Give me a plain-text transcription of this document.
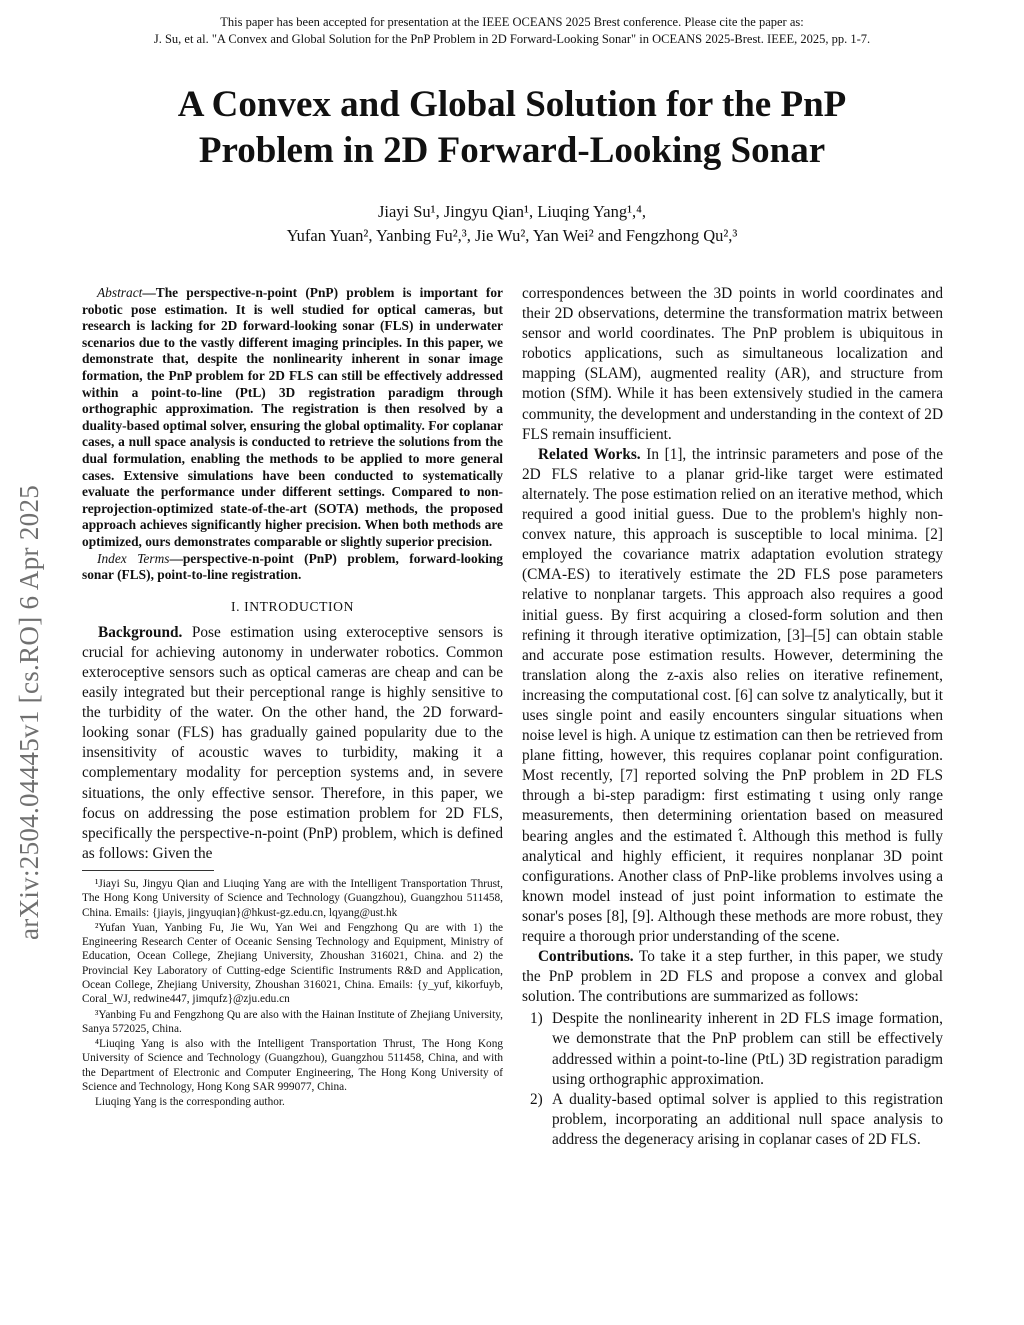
This paper has been accepted for presentation at the IEEE OCEANS 2025 Brest conference. Please cite the paper as:
J. Su, et al. "A Convex and Global Solution for the PnP Problem in 2D Forward-Looking Sonar" in OCEANS 2025-Brest. IEEE, 2025, pp. 1-7.
A Convex and Global Solution for the PnP
Problem in 2D Forward-Looking Sonar
Jiayi Su¹, Jingyu Qian¹, Liuqing Yang¹,⁴,
Yufan Yuan², Yanbing Fu²,³, Jie Wu², Yan Wei² and Fengzhong Qu²,³
arXiv:2504.04445v1 [cs.RO] 6 Apr 2025

Abstract—The perspective-n-point (PnP) problem is important for robotic pose estimation. It is well studied for optical cameras, but research is lacking for 2D forward-looking sonar (FLS) in underwater scenarios due to the vastly different imaging principles. In this paper, we demonstrate that, despite the nonlinearity inherent in sonar image formation, the PnP problem for 2D FLS can still be effectively addressed within a point-to-line (PtL) 3D registration paradigm through orthographic approximation. The registration is then resolved by a duality-based optimal solver, ensuring the global optimality. For coplanar cases, a null space analysis is conducted to retrieve the solutions from the dual formulation, enabling the methods to be applied to more general cases. Extensive simulations have been conducted to systematically evaluate the performance under different settings. Compared to non-reprojection-optimized state-of-the-art (SOTA) methods, the proposed approach achieves significantly higher precision. When both methods are optimized, ours demonstrates comparable or slightly superior precision.

Index Terms—perspective-n-point (PnP) problem, forward-looking sonar (FLS), point-to-line registration.

I. INTRODUCTION

Background. Pose estimation using exteroceptive sensors is crucial for achieving autonomy in underwater robotics. Common exteroceptive sensors such as optical cameras are cheap and can be easily integrated but their perceptional range is highly sensitive to the turbidity of the water. On the other hand, the 2D forward-looking sonar (FLS) has gradually gained popularity due to the insensitivity of acoustic waves to turbidity, making it a complementary modality for perception systems and, in severe situations, the only effective sensor. Therefore, in this paper, we focus on addressing the pose estimation problem for 2D FLS, specifically the perspective-n-point (PnP) problem, which is defined as follows: Given the

¹Jiayi Su, Jingyu Qian and Liuqing Yang are with the Intelligent Transportation Thrust, The Hong Kong University of Science and Technology (Guangzhou), Guangzhou 511458, China. Emails: {jiayis, jingyuqian}@hkust-gz.edu.cn, lqyang@ust.hk

²Yufan Yuan, Yanbing Fu, Jie Wu, Yan Wei and Fengzhong Qu are with 1) the Engineering Research Center of Oceanic Sensing Technology and Equipment, Ministry of Education, Ocean College, Zhejiang University, Zhoushan 316021, China. and 2) the Provincial Key Laboratory of Cutting-edge Scientific Instruments R&D and Application, Ocean College, Zhejiang University, Zhoushan 316021, China. Emails: {y_yuf, kikorfuyb, Coral_WJ, redwine447, jimqufz}@zju.edu.cn

³Yanbing Fu and Fengzhong Qu are also with the Hainan Institute of Zhejiang University, Sanya 572025, China.

⁴Liuqing Yang is also with the Intelligent Transportation Thrust, The Hong Kong University of Science and Technology (Guangzhou), Guangzhou 511458, China, and with the Department of Electronic and Computer Engineering, The Hong Kong University of Science and Technology, Hong Kong SAR 999077, China.

Liuqing Yang is the corresponding author.

correspondences between the 3D points in world coordinates and their 2D observations, determine the transformation matrix between sensor and world coordinates. The PnP problem is ubiquitous in robotics applications, such as simultaneous localization and mapping (SLAM), augmented reality (AR), and structure from motion (SfM). While it has been extensively studied in the camera community, the development and understanding in the context of 2D FLS remain insufficient.

Related Works. In [1], the intrinsic parameters and pose of the 2D FLS relative to a planar grid-like target were estimated alternately. The pose estimation relied on an iterative method, which required a good initial guess. Due to the problem's highly non-convex nature, this approach is susceptible to local minima. [2] employed the covariance matrix adaptation evolution strategy (CMA-ES) to iteratively estimate the 2D FLS pose parameters relative to nonplanar targets. This approach also requires a good initial guess. By first acquiring a closed-form solution and then refining it through iterative optimization, [3]–[5] can obtain stable and accurate pose estimation results. However, determining the translation along the z-axis also relies on iterative refinement, increasing the computational cost. [6] can solve tz analytically, but it uses single point and easily encounters singular situations when noise level is high. A unique tz estimation can then be retrieved from plane fitting, however, this requires coplanar point configuration. Most recently, [7] reported solving the PnP problem in 2D FLS through a bi-step paradigm: first estimating t using only range measurements, then determining orientation based on measured bearing angles and the estimated t̂. Although this method is fully analytical and highly efficient, it requires nonplanar 3D point configurations. Another class of PnP-like problems involves using a known model instead of just point information to estimate the sonar's poses [8], [9]. Although these methods are more robust, they require a thorough prior understanding of the scene.

Contributions. To take it a step further, in this paper, we study the PnP problem in 2D FLS and propose a convex and global solution. The contributions are summarized as follows:

1) Despite the nonlinearity inherent in 2D FLS image formation, we demonstrate that the PnP problem can still be effectively addressed within a point-to-line (PtL) 3D registration paradigm using orthographic approximation.
2) A duality-based optimal solver is applied to this registration problem, incorporating an additional null space analysis to address the degeneracy arising in coplanar cases of 2D FLS.
